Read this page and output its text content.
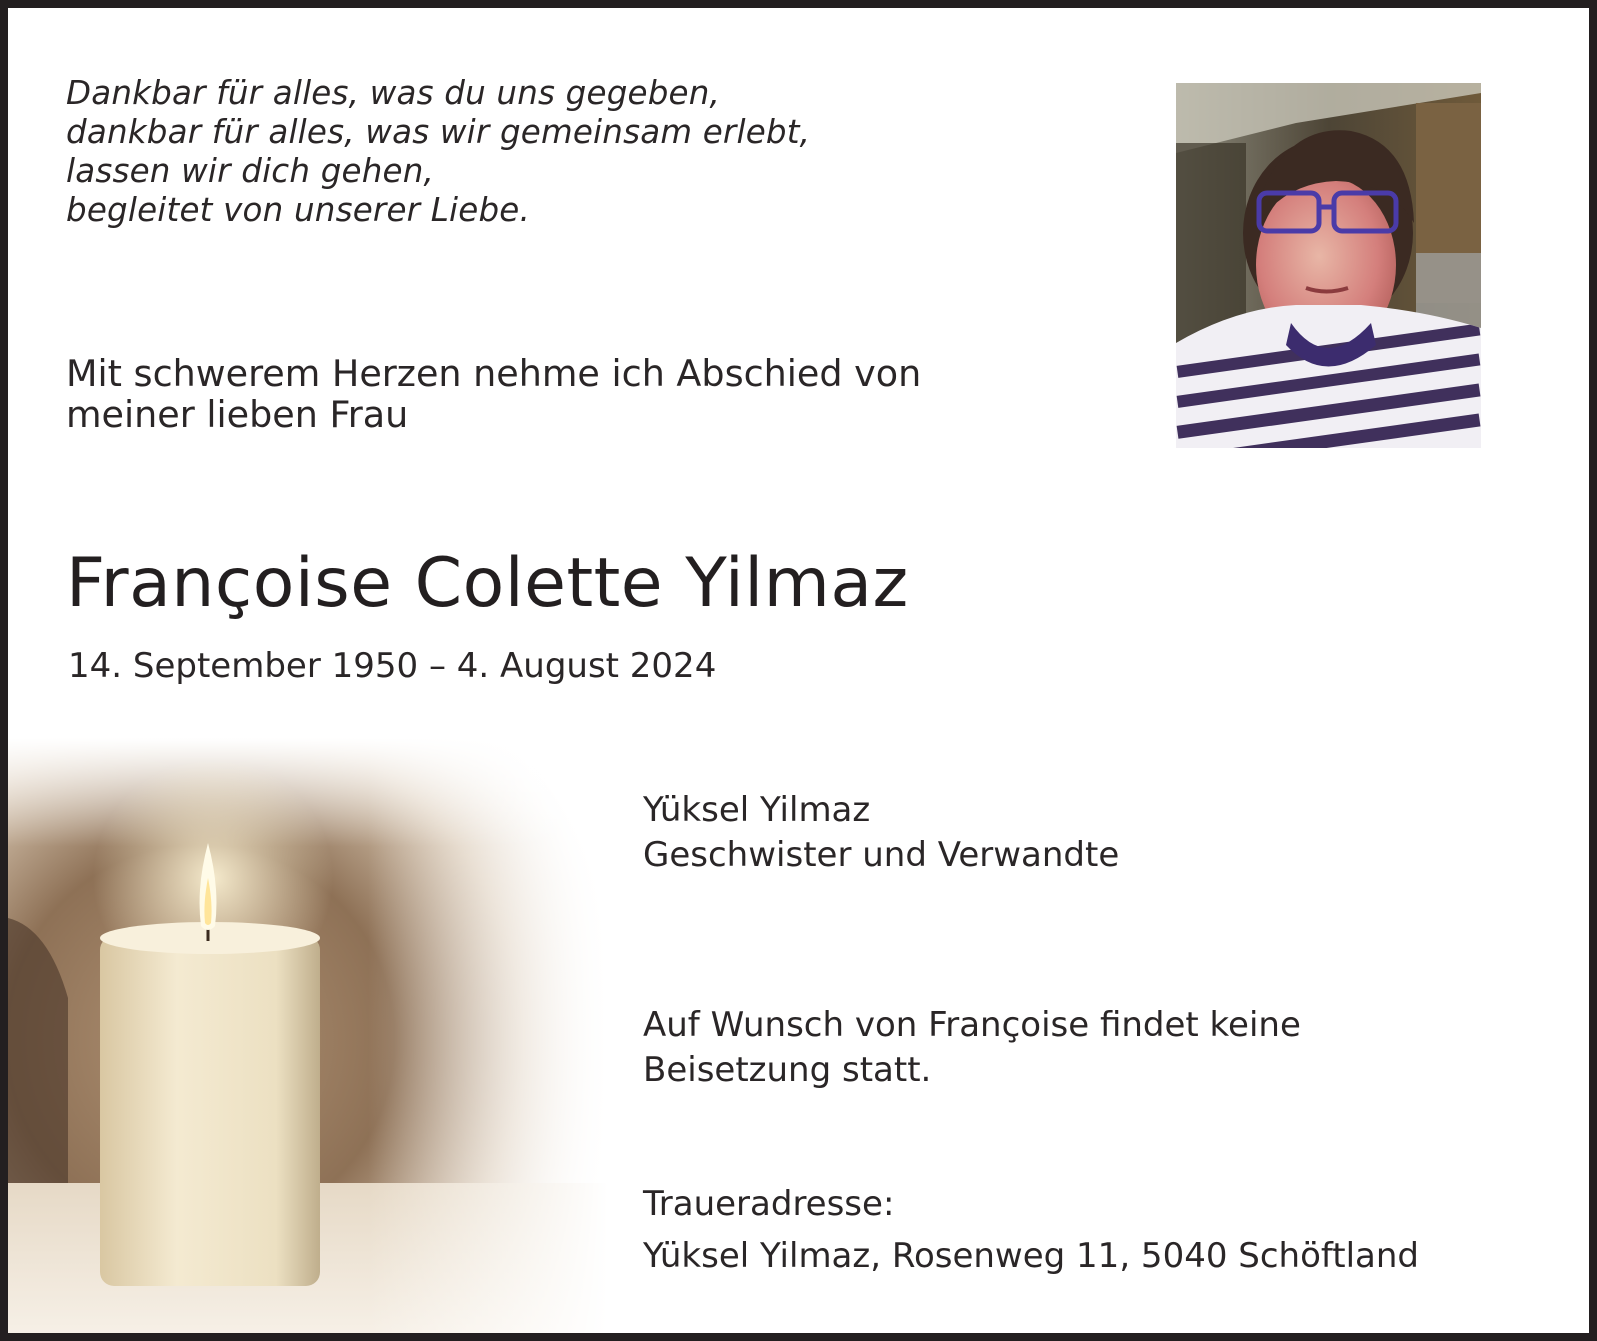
Dankbar für alles, was du uns gegeben,
dankbar für alles, was wir gemeinsam erlebt,
lassen wir dich gehen,
begleitet von unserer Liebe.
Mit schwerem Herzen nehme ich Abschied von
meiner lieben Frau
Françoise Colette Yilmaz
14. September 1950 – 4. August 2024
Yüksel Yilmaz
Geschwister und Verwandte
Auf Wunsch von Françoise findet keine
Beisetzung statt.
Traueradresse:
Yüksel Yilmaz, Rosenweg 11, 5040 Schöftland
